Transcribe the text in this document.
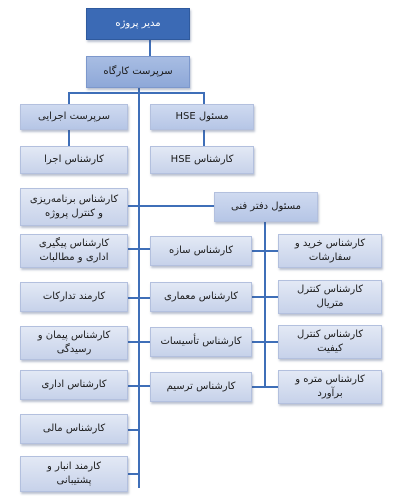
مدیر پروژه
سرپرست کارگاه
سرپرست اجرایی
کارشناس اجرا
کارشناس برنامه‌ریزی
و کنترل پروژه
کارشناس پیگیری
اداری و مطالبات
کارمند تدارکات
کارشناس پیمان و
رسیدگی
کارشناس اداری
کارشناس مالی
کارمند انبار و
پشتیبانی
مسئول HSE
کارشناس HSE
مسئول دفتر فنی
کارشناس سازه
کارشناس معماری
کارشناس تأسیسات
کارشناس ترسیم
کارشناس خرید و
سفارشات
کارشناس کنترل
متریال
کارشناس کنترل
کیفیت
کارشناس متره و
برآورد
